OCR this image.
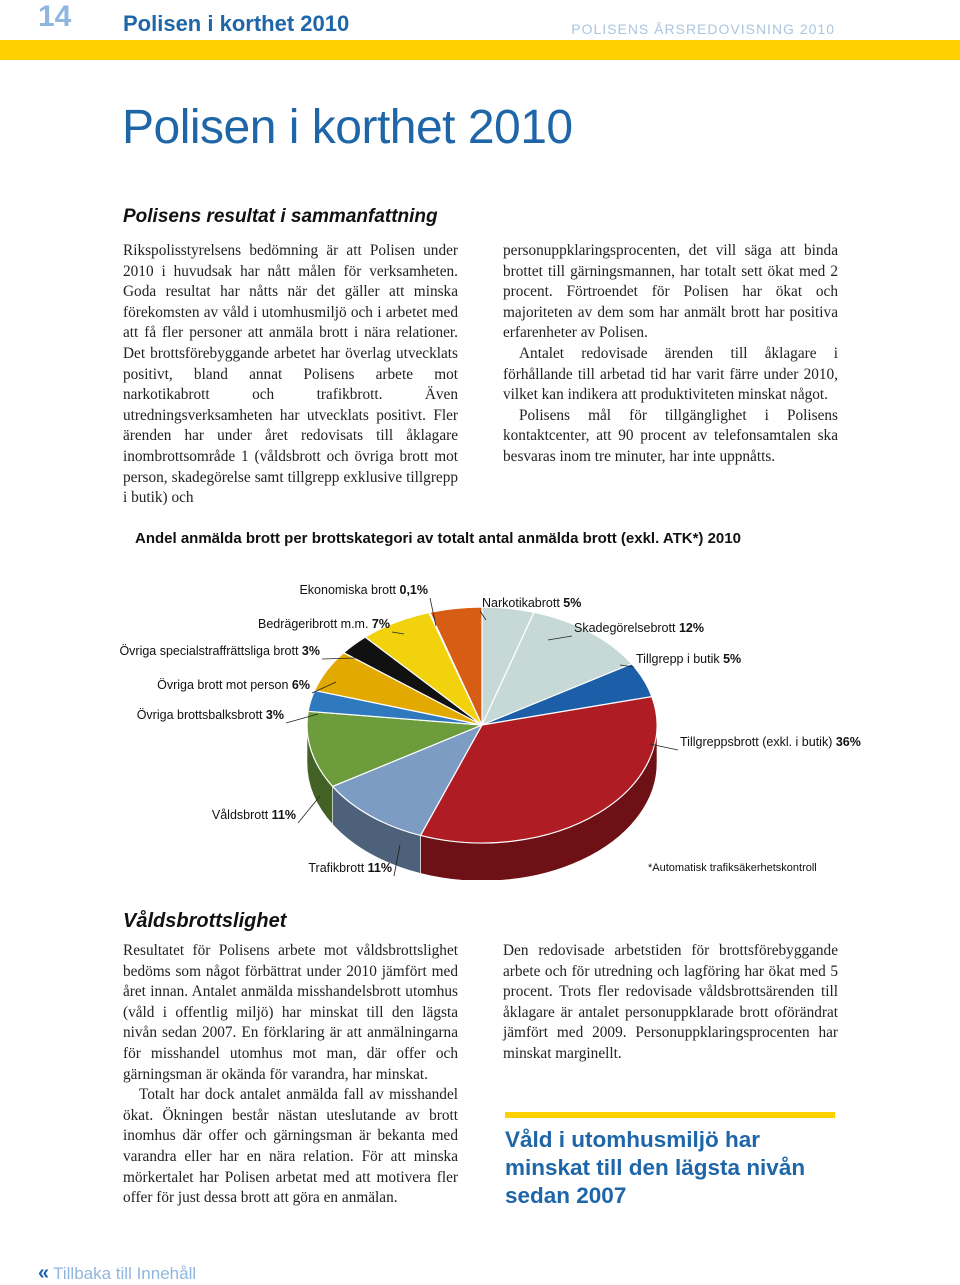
14 Polisen i korthet 2010	POLISENS ÅRSREDOVISNING 2010
Polisen i korthet 2010
Polisens resultat i sammanfattning

Rikspolisstyrelsens bedömning är att Polisen under 2010 i huvudsak har nått målen för verksamheten. Goda resultat har nåtts när det gäller att minska förekomsten av våld i utomhusmiljö och i arbetet med att få fler personer att anmäla brott i nära relationer. Det brottsförebyggande arbetet har överlag utvecklats positivt, bland annat Polisens arbete mot narkotikabrott och trafikbrott. Även utredningsverksamheten har utvecklats positivt. Fler ärenden har under året redovisats till åklagare inombrottsområde 1 (våldsbrott och övriga brott mot person, skadegörelse samt tillgrepp exklusive tillgrepp i butik) och

personuppklaringsprocenten, det vill säga att binda brottet till gärningsmannen, har totalt sett ökat med 2 procent. Förtroendet för Polisen har ökat och majoriteten av dem som har anmält brott har positiva erfarenheter av Polisen.

Antalet redovisade ärenden till åklagare i förhållande till arbetad tid har varit färre under 2010, vilket kan indikera att produktiviteten minskat något.

Polisens mål för tillgänglighet i Polisens kontaktcenter, att 90 procent av telefonsamtalen ska besvaras inom tre minuter, har inte uppnåtts.

Andel anmälda brott per brottskategori av totalt antal anmälda brott (exkl. ATK*) 2010
Narkotikabrott 5%
Skadegörelsebrott 12%
Tillgrepp i butik 5%
Tillgreppsbrott (exkl. i butik) 36%
Trafikbrott 11%
Våldsbrott 11%
Övriga brottsbalksbrott 3%
Övriga brott mot person 6%
Övriga specialstraffrättsliga brott 3%
Bedrägeribrott m.m. 7%
Ekonomiska brott 0,1%
*Automatisk trafiksäkerhetskontroll
Våldsbrottslighet

Resultatet för Polisens arbete mot våldsbrottslighet bedöms som något förbättrat under 2010 jämfört med året innan. Antalet anmälda misshandelsbrott utomhus (våld i offentlig miljö) har minskat till den lägsta nivån sedan 2007. En förklaring är att anmälningarna för misshandel utomhus mot man, där offer och gärningsman är okända för varandra, har minskat.

Totalt har dock antalet anmälda fall av misshandel ökat. Ökningen består nästan uteslutande av brott inomhus där offer och gärningsman är bekanta med varandra eller har en nära relation. För att minska mörkertalet har Polisen arbetat med att motivera fler offer för just dessa brott att göra en anmälan.

Den redovisade arbetstiden för brottsförebyggande arbete och för utredning och lagföring har ökat med 5 procent. Trots fler redovisade våldsbrottsärenden till åklagare är antalet personuppklarade brott oförändrat jämfört med 2009. Personuppklaringsprocenten har minskat marginellt.

Våld i utomhusmiljö har minskat till den lägsta nivån sedan 2007
« Tillbaka till Innehåll
